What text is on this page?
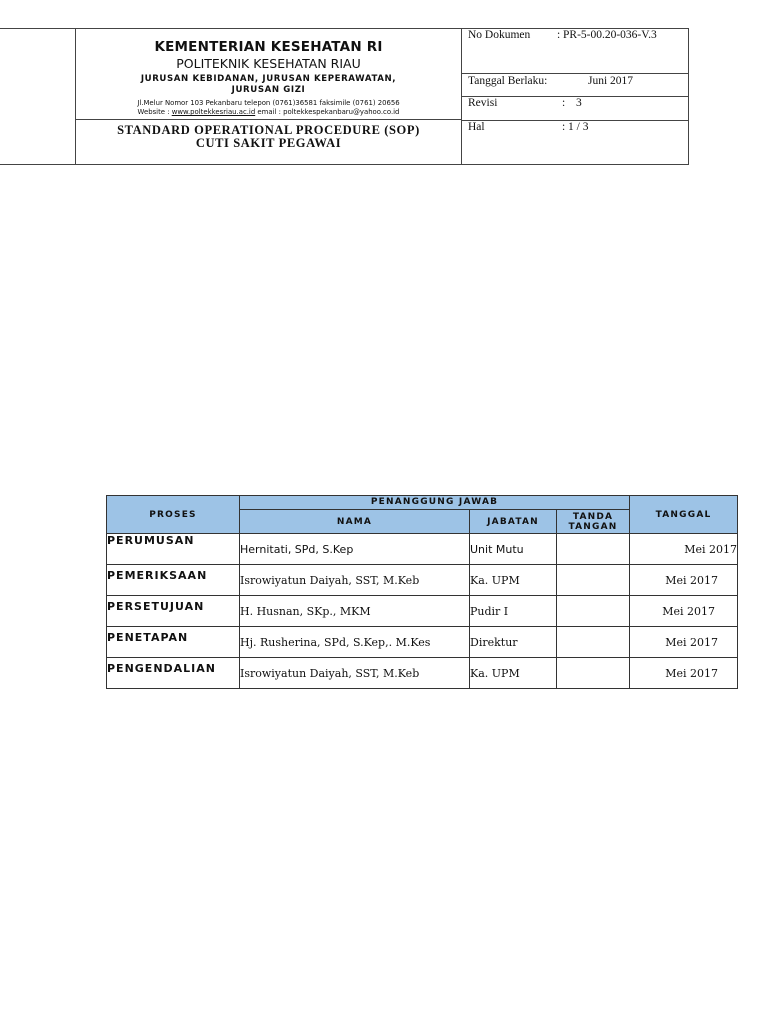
KEMENTERIAN KESEHATAN RI
POLITEKNIK KESEHATAN RIAU
JURUSAN KEBIDANAN, JURUSAN KEPERAWATAN,
JURUSAN GIZI
Jl.Melur Nomor 103 Pekanbaru telepon (0761)36581 faksimile (0761) 20656
Website : www.poltekkesriau.ac.id email : poltekkespekanbaru@yahoo.co.id
STANDARD OPERATIONAL PROCEDURE (SOP)
CUTI SAKIT PEGAWAI
No Dokumen : PR-5-00.20-036-V.3
Tanggal Berlaku:	Juni 2017
Revisi	: 3
Hal	: 1 / 3
PROSES	PENANGGUNG JAWAB			TANGGAL
	NAMA	JABATAN	TANDA
TANGAN	

PERUMUSAN	Hernitati, SPd, S.Kep	Unit Mutu		Mei 2017
PEMERIKSAAN	Isrowiyatun Daiyah, SST, M.Keb	Ka. UPM		Mei 2017
PERSETUJUAN	H. Husnan, SKp., MKM	Pudir I		Mei 2017
PENETAPAN	Hj. Rusherina, SPd, S.Kep,. M.Kes	Direktur		Mei 2017
PENGENDALIAN	Isrowiyatun Daiyah, SST, M.Keb	Ka. UPM		Mei 2017
